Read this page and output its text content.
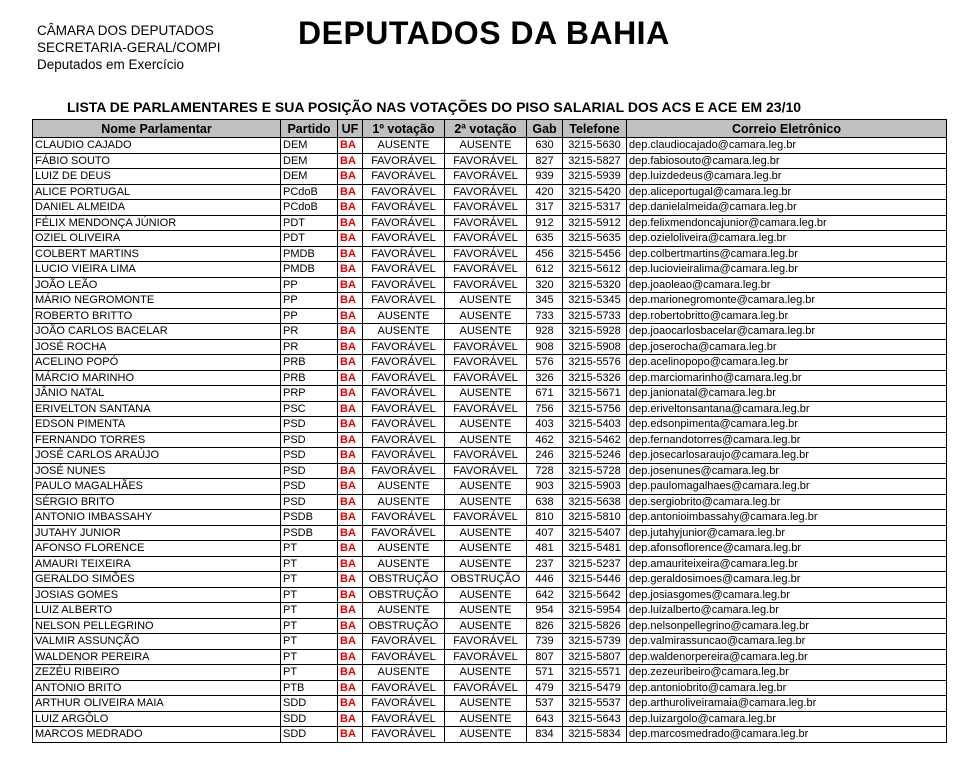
CÂMARA DOS DEPUTADOS
SECRETARIA-GERAL/COMPI
Deputados em Exercício
DEPUTADOS DA BAHIA
LISTA DE PARLAMENTARES E SUA POSIÇÃO NAS VOTAÇÕES DO PISO SALARIAL DOS ACS E ACE EM 23/10
Nome Parlamentar	Partido	UF	1º votação	2ª votação	Gab	Telefone	Correio Eletrônico
CLAUDIO CAJADO	DEM	BA	AUSENTE	AUSENTE	630	3215-5630	dep.claudiocajado@camara.leg.br
FÁBIO SOUTO	DEM	BA	FAVORÁVEL	FAVORÁVEL	827	3215-5827	dep.fabiosouto@camara.leg.br
LUIZ DE DEUS	DEM	BA	FAVORÁVEL	FAVORÁVEL	939	3215-5939	dep.luizdedeus@camara.leg.br
ALICE PORTUGAL	PCdoB	BA	FAVORÁVEL	FAVORÁVEL	420	3215-5420	dep.aliceportugal@camara.leg.br
DANIEL ALMEIDA	PCdoB	BA	FAVORÁVEL	FAVORÁVEL	317	3215-5317	dep.danielalmeida@camara.leg.br
FÉLIX MENDONÇA JÚNIOR	PDT	BA	FAVORÁVEL	FAVORÁVEL	912	3215-5912	dep.felixmendoncajunior@camara.leg.br
OZIEL OLIVEIRA	PDT	BA	FAVORÁVEL	FAVORÁVEL	635	3215-5635	dep.ozieloliveira@camara.leg.br
COLBERT MARTINS	PMDB	BA	FAVORÁVEL	FAVORÁVEL	456	3215-5456	dep.colbertmartins@camara.leg.br
LUCIO VIEIRA LIMA	PMDB	BA	FAVORÁVEL	FAVORÁVEL	612	3215-5612	dep.luciovieiralima@camara.leg.br
JOÃO LEÃO	PP	BA	FAVORÁVEL	FAVORÁVEL	320	3215-5320	dep.joaoleao@camara.leg.br
MÁRIO NEGROMONTE	PP	BA	FAVORÁVEL	AUSENTE	345	3215-5345	dep.marionegromonte@camara.leg.br
ROBERTO BRITTO	PP	BA	AUSENTE	AUSENTE	733	3215-5733	dep.robertobritto@camara.leg.br
JOÃO CARLOS BACELAR	PR	BA	AUSENTE	AUSENTE	928	3215-5928	dep.joaocarlosbacelar@camara.leg.br
JOSÉ ROCHA	PR	BA	FAVORÁVEL	FAVORÁVEL	908	3215-5908	dep.joserocha@camara.leg.br
ACELINO POPÓ	PRB	BA	FAVORÁVEL	FAVORÁVEL	576	3215-5576	dep.acelinopopo@camara.leg.br
MÁRCIO MARINHO	PRB	BA	FAVORÁVEL	FAVORÁVEL	326	3215-5326	dep.marciomarinho@camara.leg.br
JÂNIO NATAL	PRP	BA	FAVORÁVEL	AUSENTE	671	3215-5671	dep.janionatal@camara.leg.br
ERIVELTON SANTANA	PSC	BA	FAVORÁVEL	FAVORÁVEL	756	3215-5756	dep.eriveltonsantana@camara.leg.br
EDSON PIMENTA	PSD	BA	FAVORÁVEL	AUSENTE	403	3215-5403	dep.edsonpimenta@camara.leg.br
FERNANDO TORRES	PSD	BA	FAVORÁVEL	AUSENTE	462	3215-5462	dep.fernandotorres@camara.leg.br
JOSÉ CARLOS ARAÚJO	PSD	BA	FAVORÁVEL	FAVORÁVEL	246	3215-5246	dep.josecarlosaraujo@camara.leg.br
JOSÉ NUNES	PSD	BA	FAVORÁVEL	FAVORÁVEL	728	3215-5728	dep.josenunes@camara.leg.br
PAULO MAGALHÃES	PSD	BA	AUSENTE	AUSENTE	903	3215-5903	dep.paulomagalhaes@camara.leg.br
SÉRGIO BRITO	PSD	BA	AUSENTE	AUSENTE	638	3215-5638	dep.sergiobrito@camara.leg.br
ANTONIO IMBASSAHY	PSDB	BA	FAVORÁVEL	FAVORÁVEL	810	3215-5810	dep.antonioimbassahy@camara.leg.br
JUTAHY JUNIOR	PSDB	BA	FAVORÁVEL	AUSENTE	407	3215-5407	dep.jutahyjunior@camara.leg.br
AFONSO FLORENCE	PT	BA	AUSENTE	AUSENTE	481	3215-5481	dep.afonsoflorence@camara.leg.br
AMAURI TEIXEIRA	PT	BA	AUSENTE	AUSENTE	237	3215-5237	dep.amauriteixeira@camara.leg.br
GERALDO SIMÕES	PT	BA	OBSTRUÇÃO	OBSTRUÇÃO	446	3215-5446	dep.geraldosimoes@camara.leg.br
JOSIAS GOMES	PT	BA	OBSTRUÇÃO	AUSENTE	642	3215-5642	dep.josiasgomes@camara.leg.br
LUIZ ALBERTO	PT	BA	AUSENTE	AUSENTE	954	3215-5954	dep.luizalberto@camara.leg.br
NELSON PELLEGRINO	PT	BA	OBSTRUÇÃO	AUSENTE	826	3215-5826	dep.nelsonpellegrino@camara.leg.br
VALMIR ASSUNÇÃO	PT	BA	FAVORÁVEL	FAVORÁVEL	739	3215-5739	dep.valmirassuncao@camara.leg.br
WALDENOR PEREIRA	PT	BA	FAVORÁVEL	FAVORÁVEL	807	3215-5807	dep.waldenorpereira@camara.leg.br
ZEZÉU RIBEIRO	PT	BA	AUSENTE	AUSENTE	571	3215-5571	dep.zezeuribeiro@camara.leg.br
ANTONIO BRITO	PTB	BA	FAVORÁVEL	FAVORÁVEL	479	3215-5479	dep.antoniobrito@camara.leg.br
ARTHUR OLIVEIRA MAIA	SDD	BA	FAVORÁVEL	AUSENTE	537	3215-5537	dep.arthuroliveiramaia@camara.leg.br
LUIZ ARGÔLO	SDD	BA	FAVORÁVEL	AUSENTE	643	3215-5643	dep.luizargolo@camara.leg.br
MARCOS MEDRADO	SDD	BA	FAVORÁVEL	AUSENTE	834	3215-5834	dep.marcosmedrado@camara.leg.br
